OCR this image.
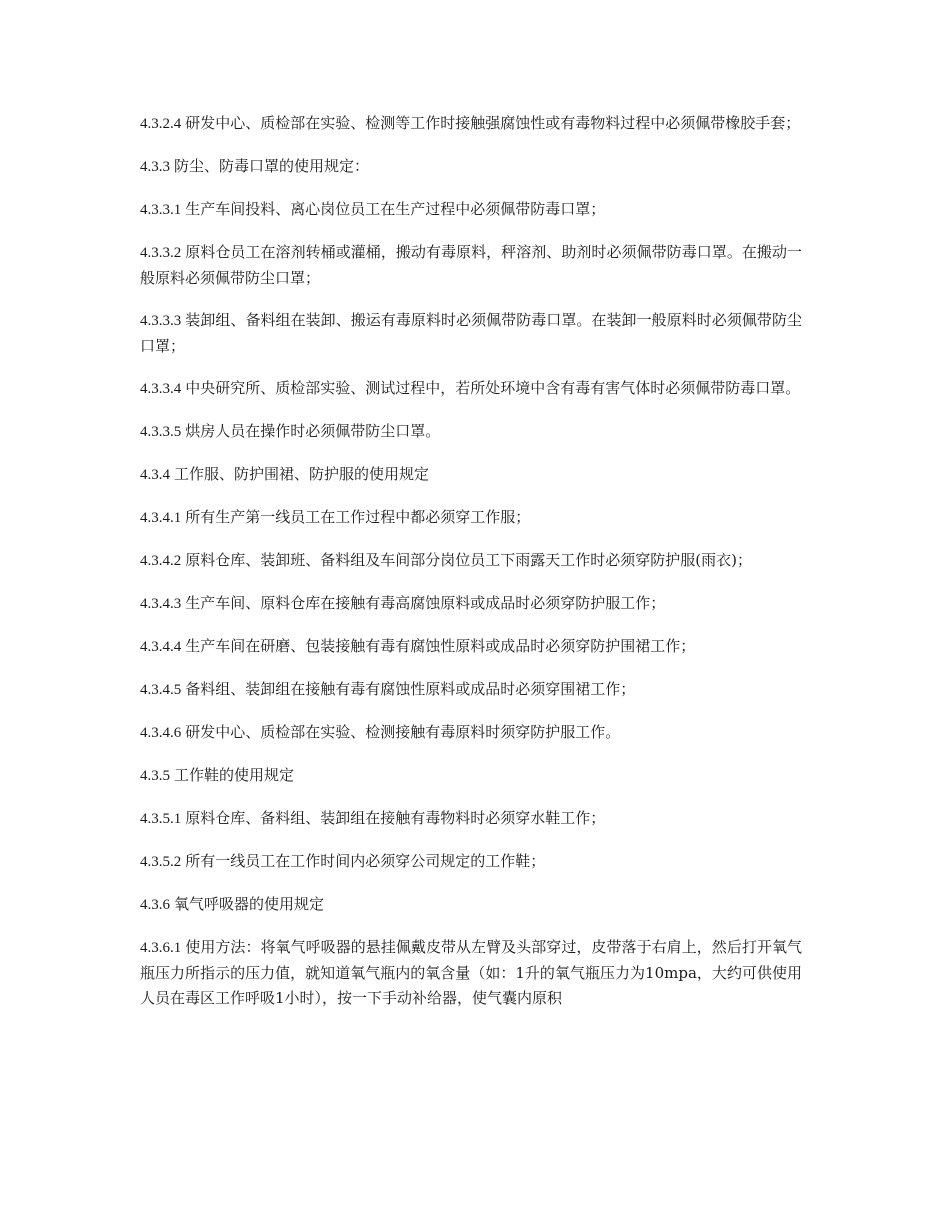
4.3.2.4 研发中心、质检部在实验、检测等工作时接触强腐蚀性或有毒物料过程中必须佩带橡胶手套；

4.3.3 防尘、防毒口罩的使用规定：

4.3.3.1 生产车间投料、离心岗位员工在生产过程中必须佩带防毒口罩；

4.3.3.2 原料仓员工在溶剂转桶或灌桶，搬动有毒原料，秤溶剂、助剂时必须佩带防毒口罩。在搬动一般原料必须佩带防尘口罩；

4.3.3.3 装卸组、备料组在装卸、搬运有毒原料时必须佩带防毒口罩。在装卸一般原料时必须佩带防尘口罩；

4.3.3.4 中央研究所、质检部实验、测试过程中，若所处环境中含有毒有害气体时必须佩带防毒口罩。

4.3.3.5 烘房人员在操作时必须佩带防尘口罩。

4.3.4 工作服、防护围裙、防护服的使用规定

4.3.4.1 所有生产第一线员工在工作过程中都必须穿工作服；

4.3.4.2 原料仓库、装卸班、备料组及车间部分岗位员工下雨露天工作时必须穿防护服(雨衣)；

4.3.4.3 生产车间、原料仓库在接触有毒高腐蚀原料或成品时必须穿防护服工作；

4.3.4.4 生产车间在研磨、包装接触有毒有腐蚀性原料或成品时必须穿防护围裙工作；

4.3.4.5 备料组、装卸组在接触有毒有腐蚀性原料或成品时必须穿围裙工作；

4.3.4.6 研发中心、质检部在实验、检测接触有毒原料时须穿防护服工作。

4.3.5 工作鞋的使用规定

4.3.5.1 原料仓库、备料组、装卸组在接触有毒物料时必须穿水鞋工作；

4.3.5.2 所有一线员工在工作时间内必须穿公司规定的工作鞋；

4.3.6 氧气呼吸器的使用规定

4.3.6.1 使用方法：将氧气呼吸器的悬挂佩戴皮带从左臂及头部穿过，皮带落于右肩上，然后打开氧气瓶压力所指示的压力值，就知道氧气瓶内的氧含量（如：1升的氧气瓶压力为10mpa，大约可供使用人员在毒区工作呼吸1小时），按一下手动补给器，使气囊内原积
